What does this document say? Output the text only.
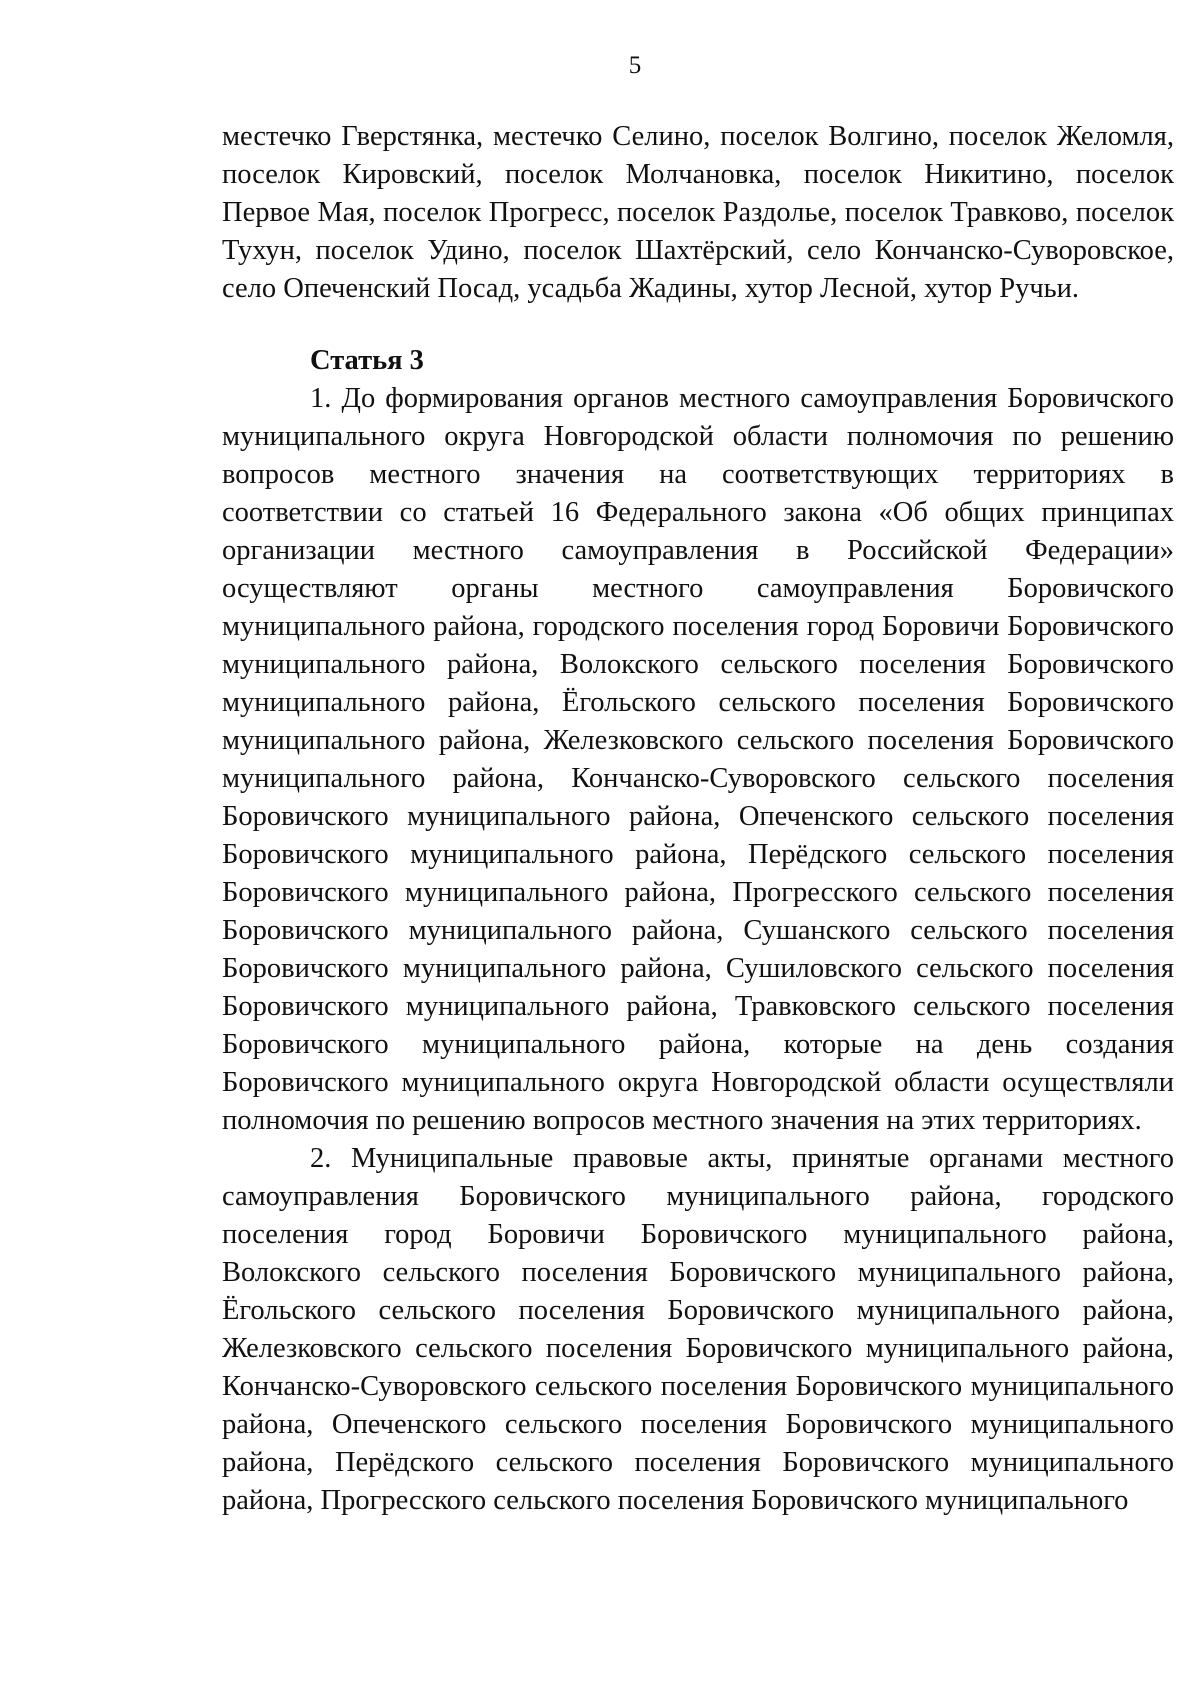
5

местечко Гверстянка, местечко Селино, поселок Волгино, поселок Желомля, поселок Кировский, поселок Молчановка, поселок Никитино, поселок Первое Мая, поселок Прогресс, поселок Раздолье, поселок Травково, поселок Тухун, поселок Удино, поселок Шахтёрский, село Кончанско-Суворовское, село Опеченский Посад, усадьба Жадины, хутор Лесной, хутор Ручьи.

Статья 3

1. До формирования органов местного самоуправления Боровичского муниципального округа Новгородской области полномочия по решению вопросов местного значения на соответствующих территориях в соответствии со статьей 16 Федерального закона «Об общих принципах организации местного самоуправления в Российской Федерации» осуществляют органы местного самоуправления Боровичского муниципального района, городского поселения город Боровичи Боровичского муниципального района, Волокского сельского поселения Боровичского муниципального района, Ёгольского сельского поселения Боровичского муниципального района, Железковского сельского поселения Боровичского муниципального района, Кончанско-Суворовского сельского поселения Боровичского муниципального района, Опеченского сельского поселения Боровичского муниципального района, Перёдского сельского поселения Боровичского муниципального района, Прогресского сельского поселения Боровичского муниципального района, Сушанского сельского поселения Боровичского муниципального района, Сушиловского сельского поселения Боровичского муниципального района, Травковского сельского поселения Боровичского муниципального района, которые на день создания Боровичского муниципального округа Новгородской области осуществляли полномочия по решению вопросов местного значения на этих территориях.

2. Муниципальные правовые акты, принятые органами местного самоуправления Боровичского муниципального района, городского поселения город Боровичи Боровичского муниципального района, Волокского сельского поселения Боровичского муниципального района, Ёгольского сельского поселения Боровичского муниципального района, Железковского сельского поселения Боровичского муниципального района, Кончанско-Суворовского сельского поселения Боровичского муниципального района, Опеченского сельского поселения Боровичского муниципального района, Перёдского сельского поселения Боровичского муниципального района, Прогресского сельского поселения Боровичского муниципального
